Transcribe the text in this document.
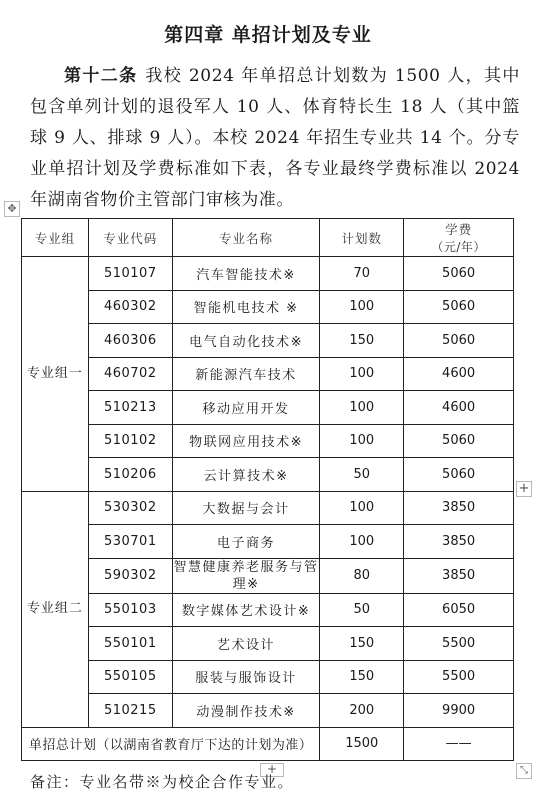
第四章 单招计划及专业
第十二条 我校 2024 年单招总计划数为 1500 人，其中包含单列计划的退役军人 10 人、体育特长生 18 人（其中篮球 9 人、排球 9 人）。本校 2024 年招生专业共 14 个。分专业单招计划及学费标准如下表，各专业最终学费标准以 2024 年湖南省物价主管部门审核为准。
✥
专业组	专业代码	专业名称	计划数	学费
（元/年）

专业组一	510107	汽车智能技术※	70	5060
	460302	智能机电技术 ※	100	5060
	460306	电气自动化技术※	150	5060
	460702	新能源汽车技术	100	4600
	510213	移动应用开发	100	4600
	510102	物联网应用技术※	100	5060
	510206	云计算技术※	50	5060
专业组二	530302	大数据与会计	100	3850
	530701	电子商务	100	3850
	590302	智慧健康养老服务与管理※	80	3850
	550103	数字媒体艺术设计※	50	6050
	550101	艺术设计	150	5500
	550105	服装与服饰设计	150	5500
	510215	动漫制作技术※	200	9900
单招总计划（以湖南省教育厅下达的计划为准）			1500	——
+
+	⤡
备注：专业名带※为校企合作专业。
